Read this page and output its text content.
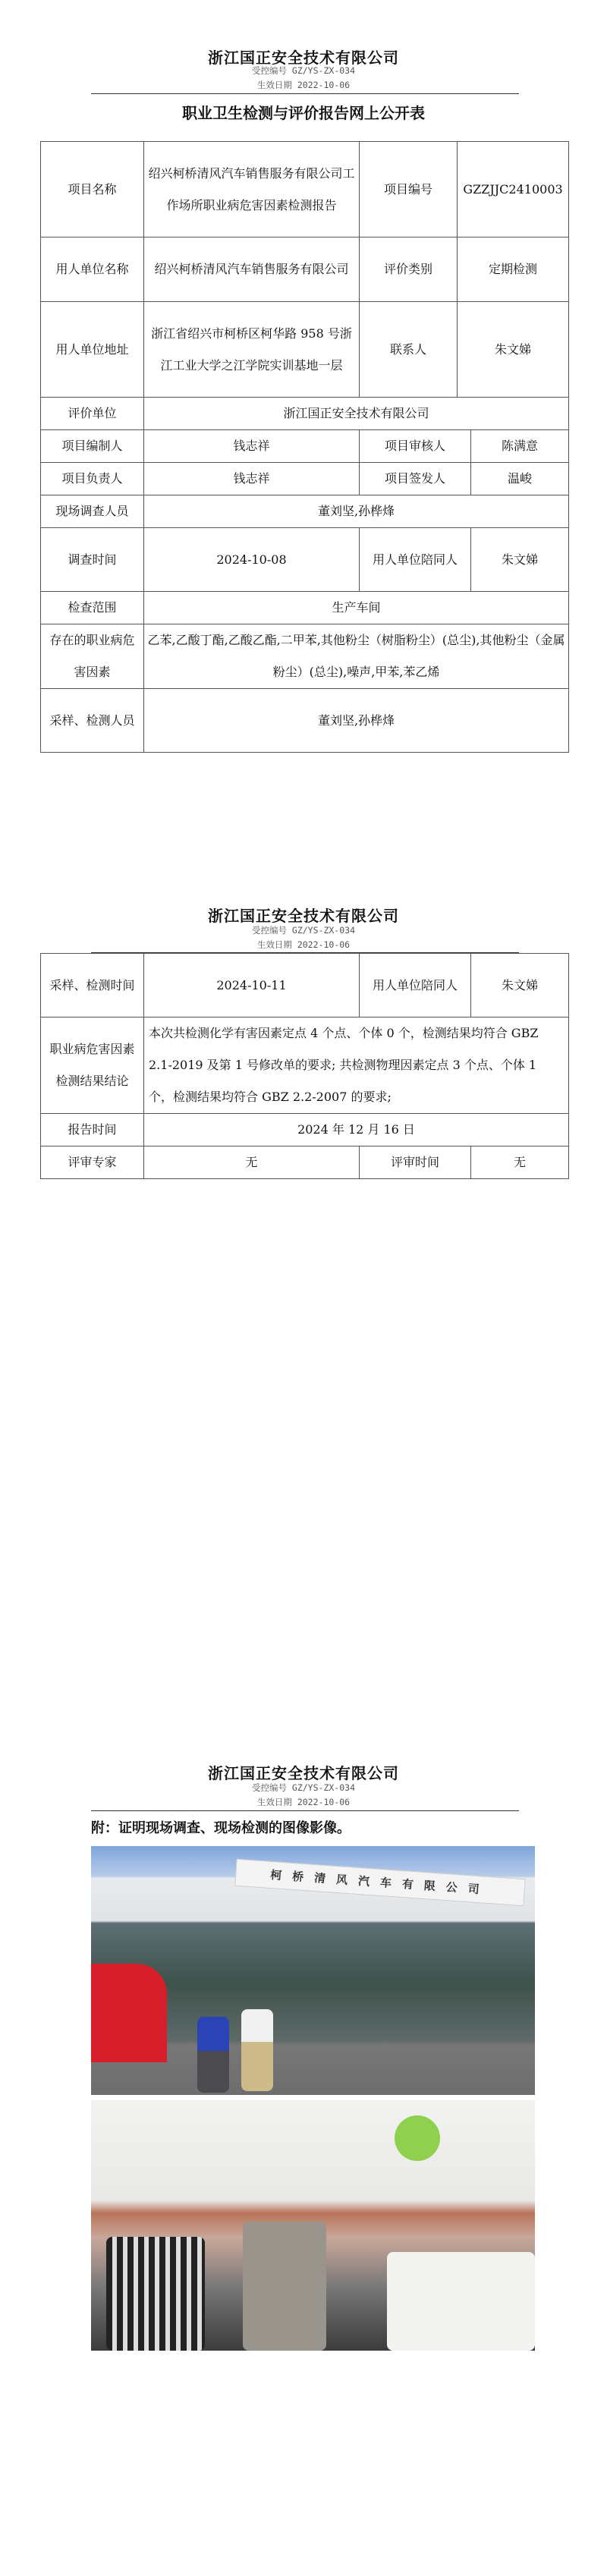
浙江国正安全技术有限公司
受控编号 GZ/YS-ZX-034
生效日期 2022-10-06
职业卫生检测与评价报告网上公开表
项目名称	绍兴柯桥清风汽车销售服务有限公司工作场所职业病危害因素检测报告	项目编号	GZZJJC2410003	
用人单位名称	绍兴柯桥清风汽车销售服务有限公司	评价类别	定期检测	
用人单位地址	浙江省绍兴市柯桥区柯华路 958 号浙江工业大学之江学院实训基地一层	联系人	朱文娣	
评价单位	浙江国正安全技术有限公司			
项目编制人	钱志祥	项目审核人		陈满意
项目负责人	钱志祥	项目签发人		温峻
现场调查人员	董刘坚,孙桦烽			
调查时间	2024-10-08	用人单位陪同人		朱文娣
检查范围	生产车间			
存在的职业病危害因素	乙苯,乙酸丁酯,乙酸乙酯,二甲苯,其他粉尘（树脂粉尘）(总尘),其他粉尘（金属粉尘）(总尘),噪声,甲苯,苯乙烯			
采样、检测人员	董刘坚,孙桦烽			
浙江国正安全技术有限公司
受控编号 GZ/YS-ZX-034
生效日期 2022-10-06
采样、检测时间	2024-10-11	用人单位陪同人	朱文娣
职业病危害因素检测结果结论	本次共检测化学有害因素定点 4 个点、个体 0 个，检测结果均符合 GBZ 2.1-2019 及第 1 号修改单的要求; 共检测物理因素定点 3 个点、个体 1 个，检测结果均符合 GBZ 2.2-2007 的要求;		
报告时间	2024 年 12 月 16 日		
评审专家	无	评审时间	无
浙江国正安全技术有限公司
受控编号 GZ/YS-ZX-034
生效日期 2022-10-06
附：证明现场调查、现场检测的图像影像。
柯桥清风汽车有限公司
